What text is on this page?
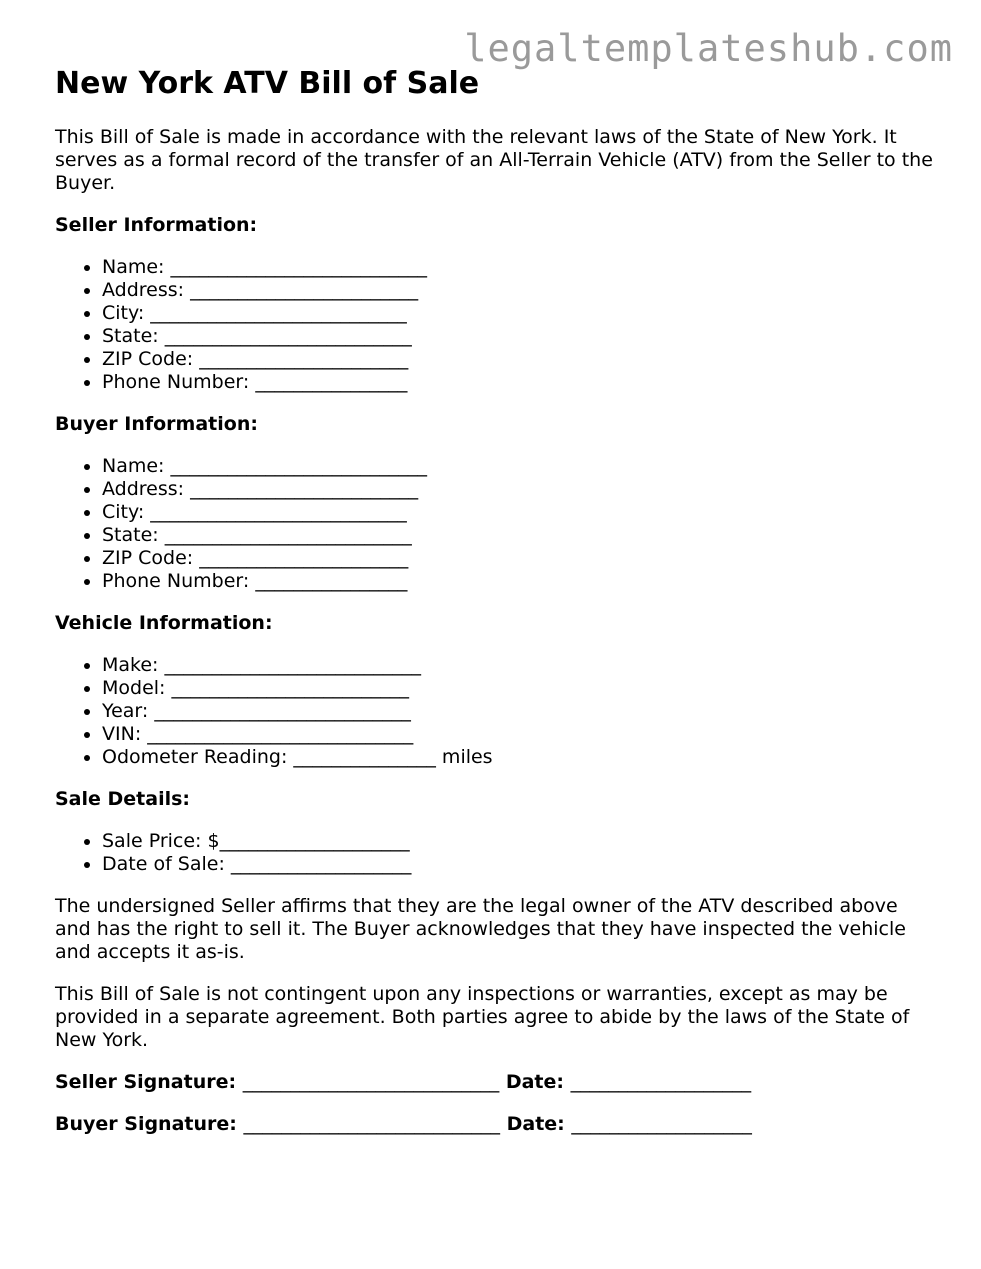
legaltemplateshub.com
New York ATV Bill of Sale

This Bill of Sale is made in accordance with the relevant laws of the State of New York. It serves as a formal record of the transfer of an All-Terrain Vehicle (ATV) from the Seller to the Buyer.

Seller Information:
• Name: ___________________________
• Address: ________________________
• City: ___________________________
• State: __________________________
• ZIP Code: ______________________
• Phone Number: ________________
Buyer Information:
• Name: ___________________________
• Address: ________________________
• City: ___________________________
• State: __________________________
• ZIP Code: ______________________
• Phone Number: ________________
Vehicle Information:
• Make: ___________________________
• Model: _________________________
• Year: ___________________________
• VIN: ____________________________
• Odometer Reading: _______________ miles
Sale Details:
• Sale Price: $____________________
• Date of Sale: ___________________

The undersigned Seller affirms that they are the legal owner of the ATV described above and has the right to sell it. The Buyer acknowledges that they have inspected the vehicle and accepts it as-is.

This Bill of Sale is not contingent upon any inspections or warranties, except as may be provided in a separate agreement. Both parties agree to abide by the laws of the State of New York.

Seller Signature: ___________________________ Date: ___________________
Buyer Signature: ___________________________ Date: ___________________
